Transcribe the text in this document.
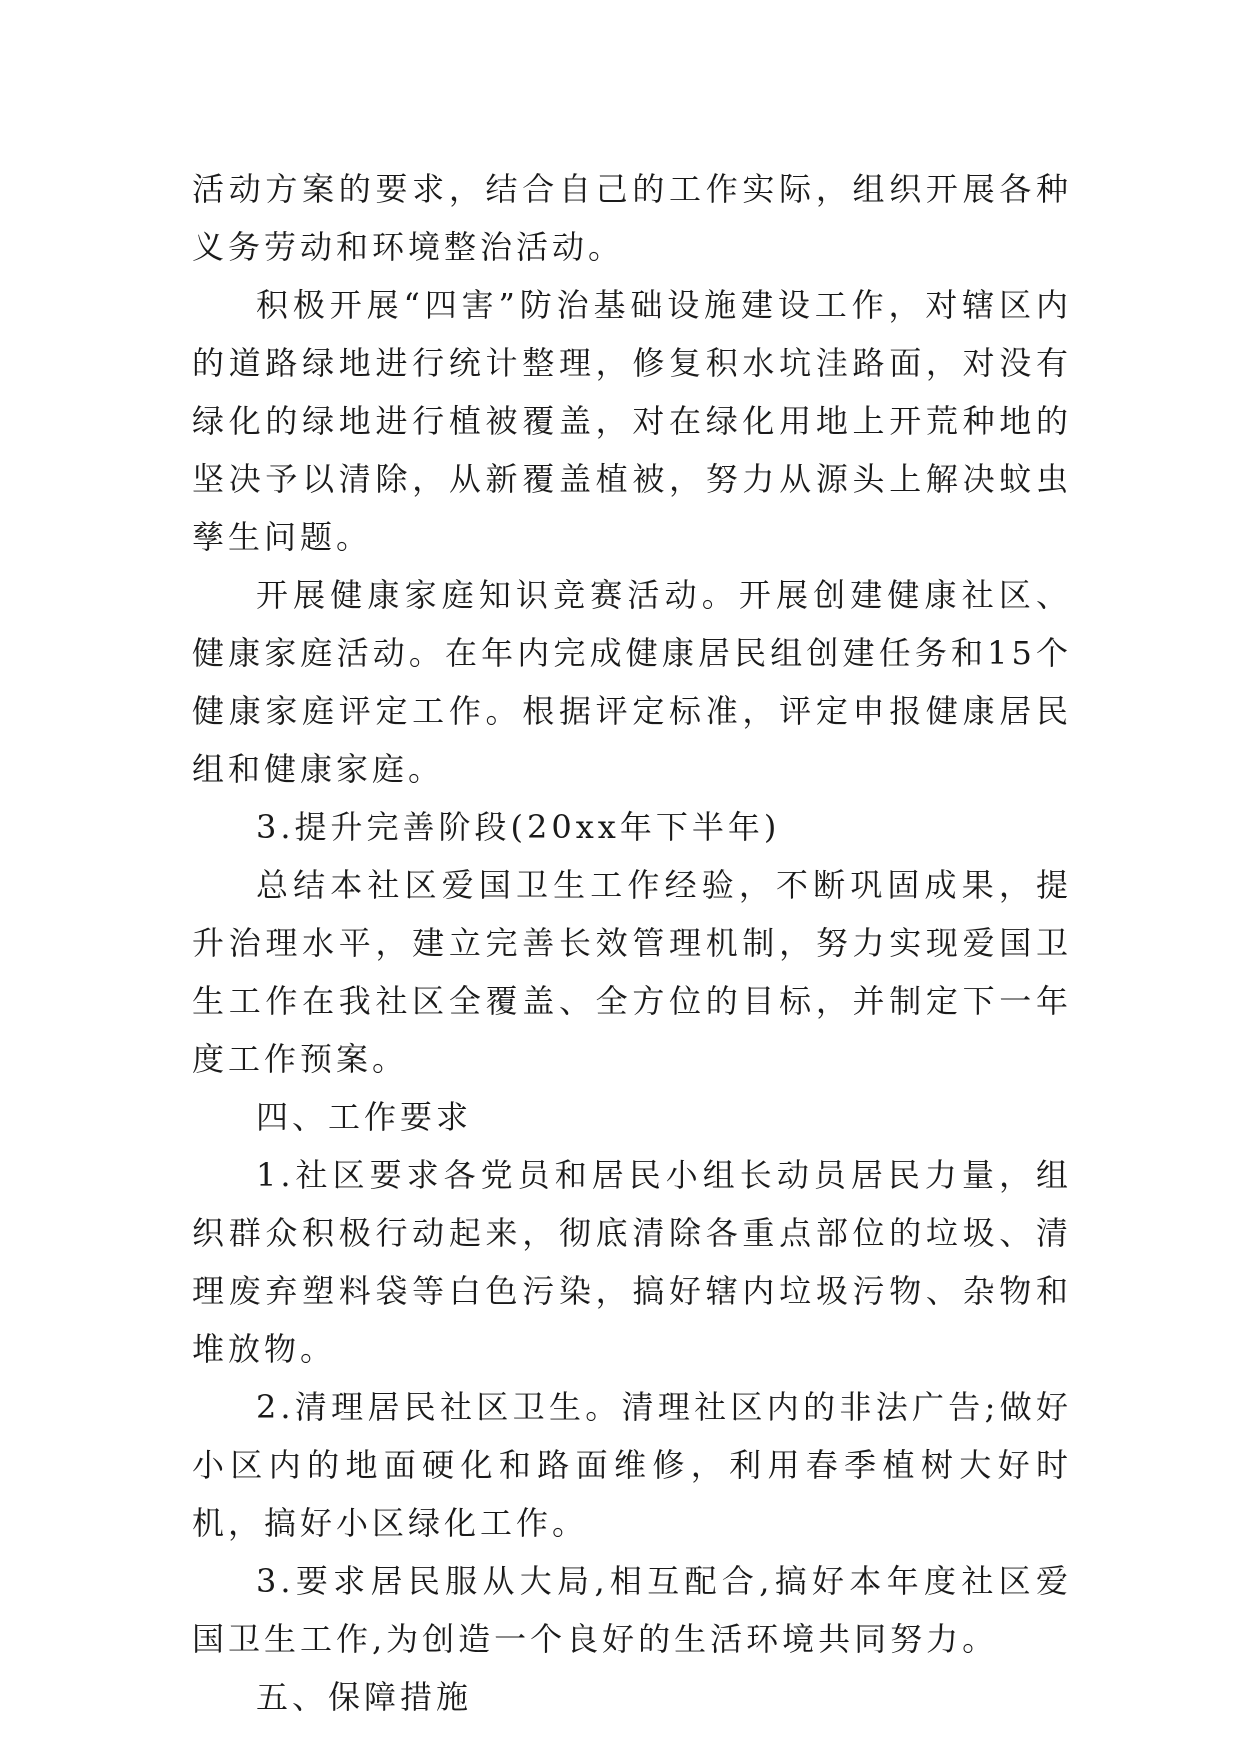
活动方案的要求，结合自己的工作实际，组织开展各种义务劳动和环境整治活动。

积极开展“四害”防治基础设施建设工作，对辖区内的道路绿地进行统计整理，修复积水坑洼路面，对没有绿化的绿地进行植被覆盖，对在绿化用地上开荒种地的坚决予以清除，从新覆盖植被，努力从源头上解决蚊虫孳生问题。

开展健康家庭知识竞赛活动。开展创建健康社区、健康家庭活动。在年内完成健康居民组创建任务和15个健康家庭评定工作。根据评定标准，评定申报健康居民组和健康家庭。

3.提升完善阶段(20xx年下半年)

总结本社区爱国卫生工作经验，不断巩固成果，提升治理水平，建立完善长效管理机制，努力实现爱国卫生工作在我社区全覆盖、全方位的目标，并制定下一年度工作预案。

四、工作要求

1.社区要求各党员和居民小组长动员居民力量，组织群众积极行动起来，彻底清除各重点部位的垃圾、清理废弃塑料袋等白色污染，搞好辖内垃圾污物、杂物和堆放物。

2.清理居民社区卫生。清理社区内的非法广告;做好小区内的地面硬化和路面维修，利用春季植树大好时机，搞好小区绿化工作。

3.要求居民服从大局,相互配合,搞好本年度社区爱国卫生工作,为创造一个良好的生活环境共同努力。

五、保障措施
